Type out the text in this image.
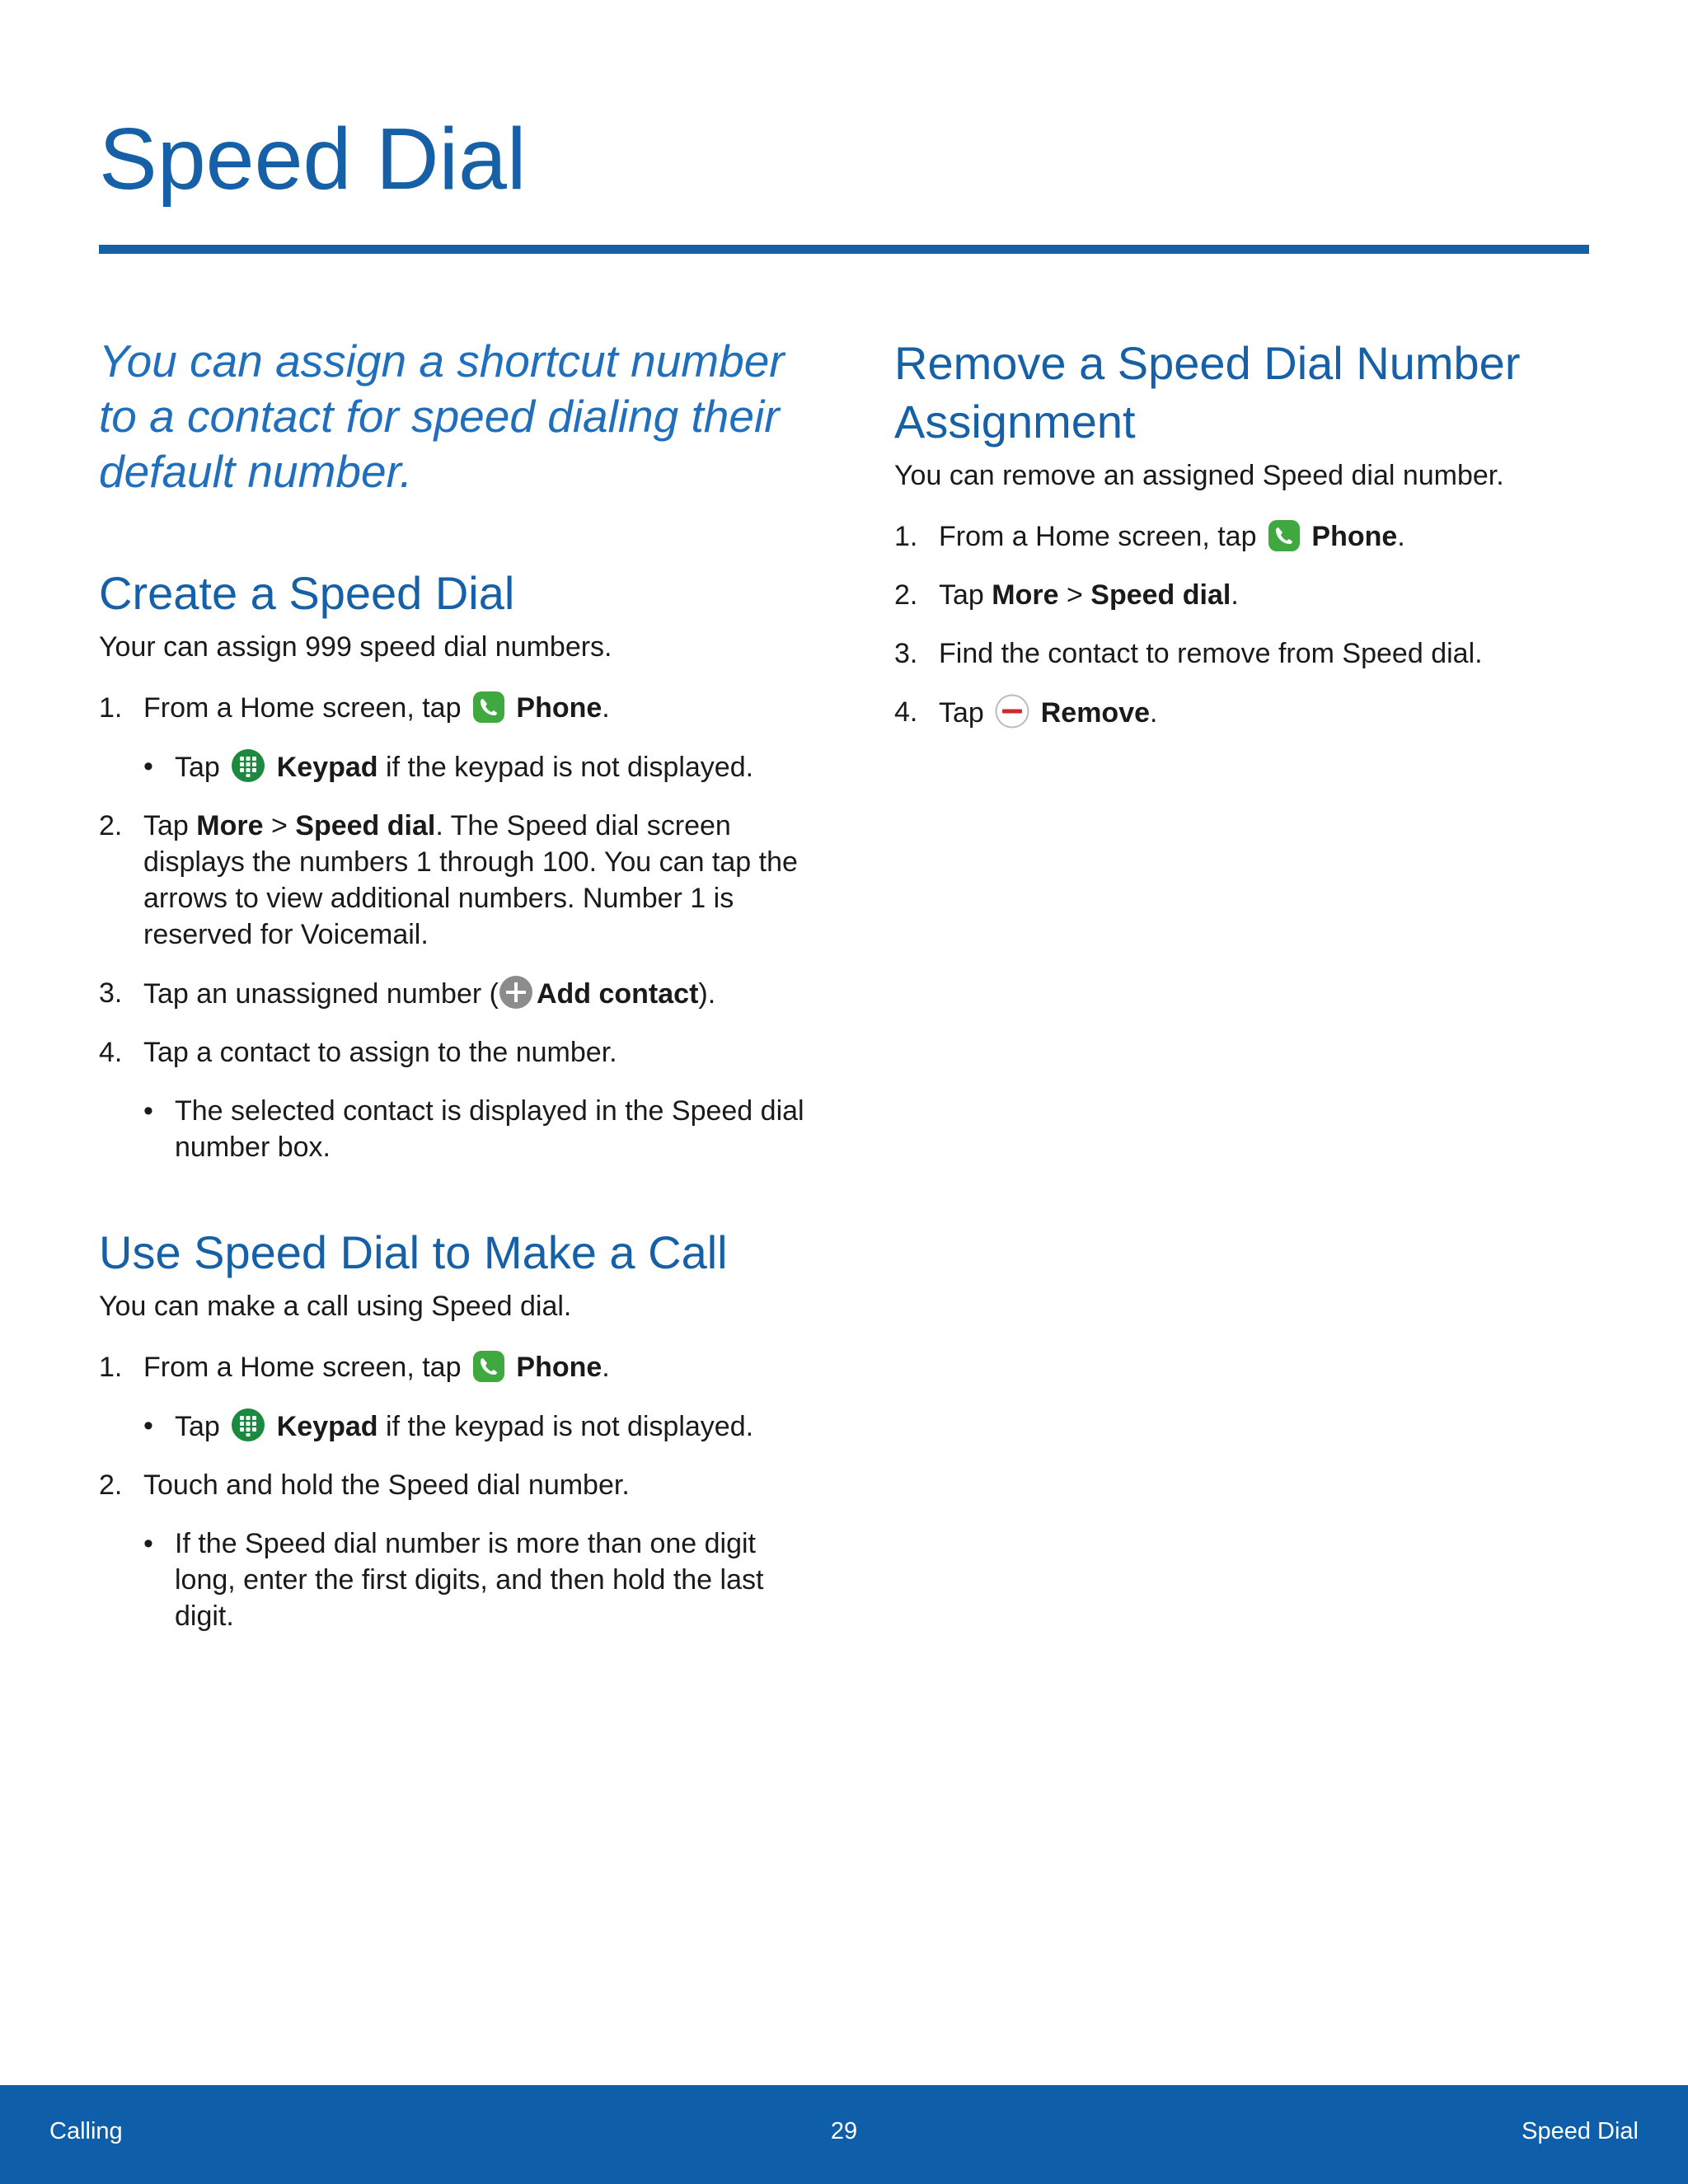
Speed Dial

You can assign a shortcut number to a contact for speed dialing their default number.

Create a Speed Dial

Your can assign 999 speed dial numbers.

1. From a Home screen, tap Phone.
• Tap Keypad if the keypad is not displayed.
2. Tap More > Speed dial. The Speed dial screen displays the numbers 1 through 100. You can tap the arrows to view additional numbers. Number 1 is reserved for Voicemail.
3. Tap an unassigned number ( Add contact).
4. Tap a contact to assign to the number.
• The selected contact is displayed in the Speed dial number box.
Use Speed Dial to Make a Call

You can make a call using Speed dial.

1. From a Home screen, tap Phone.
• Tap Keypad if the keypad is not displayed.
2. Touch and hold the Speed dial number.
• If the Speed dial number is more than one digit long, enter the first digits, and then hold the last digit.
Remove a Speed Dial Number Assignment

You can remove an assigned Speed dial number.

1. From a Home screen, tap Phone.
2. Tap More > Speed dial.
3. Find the contact to remove from Speed dial.
4. Tap Remove.
Calling	29	Speed Dial
